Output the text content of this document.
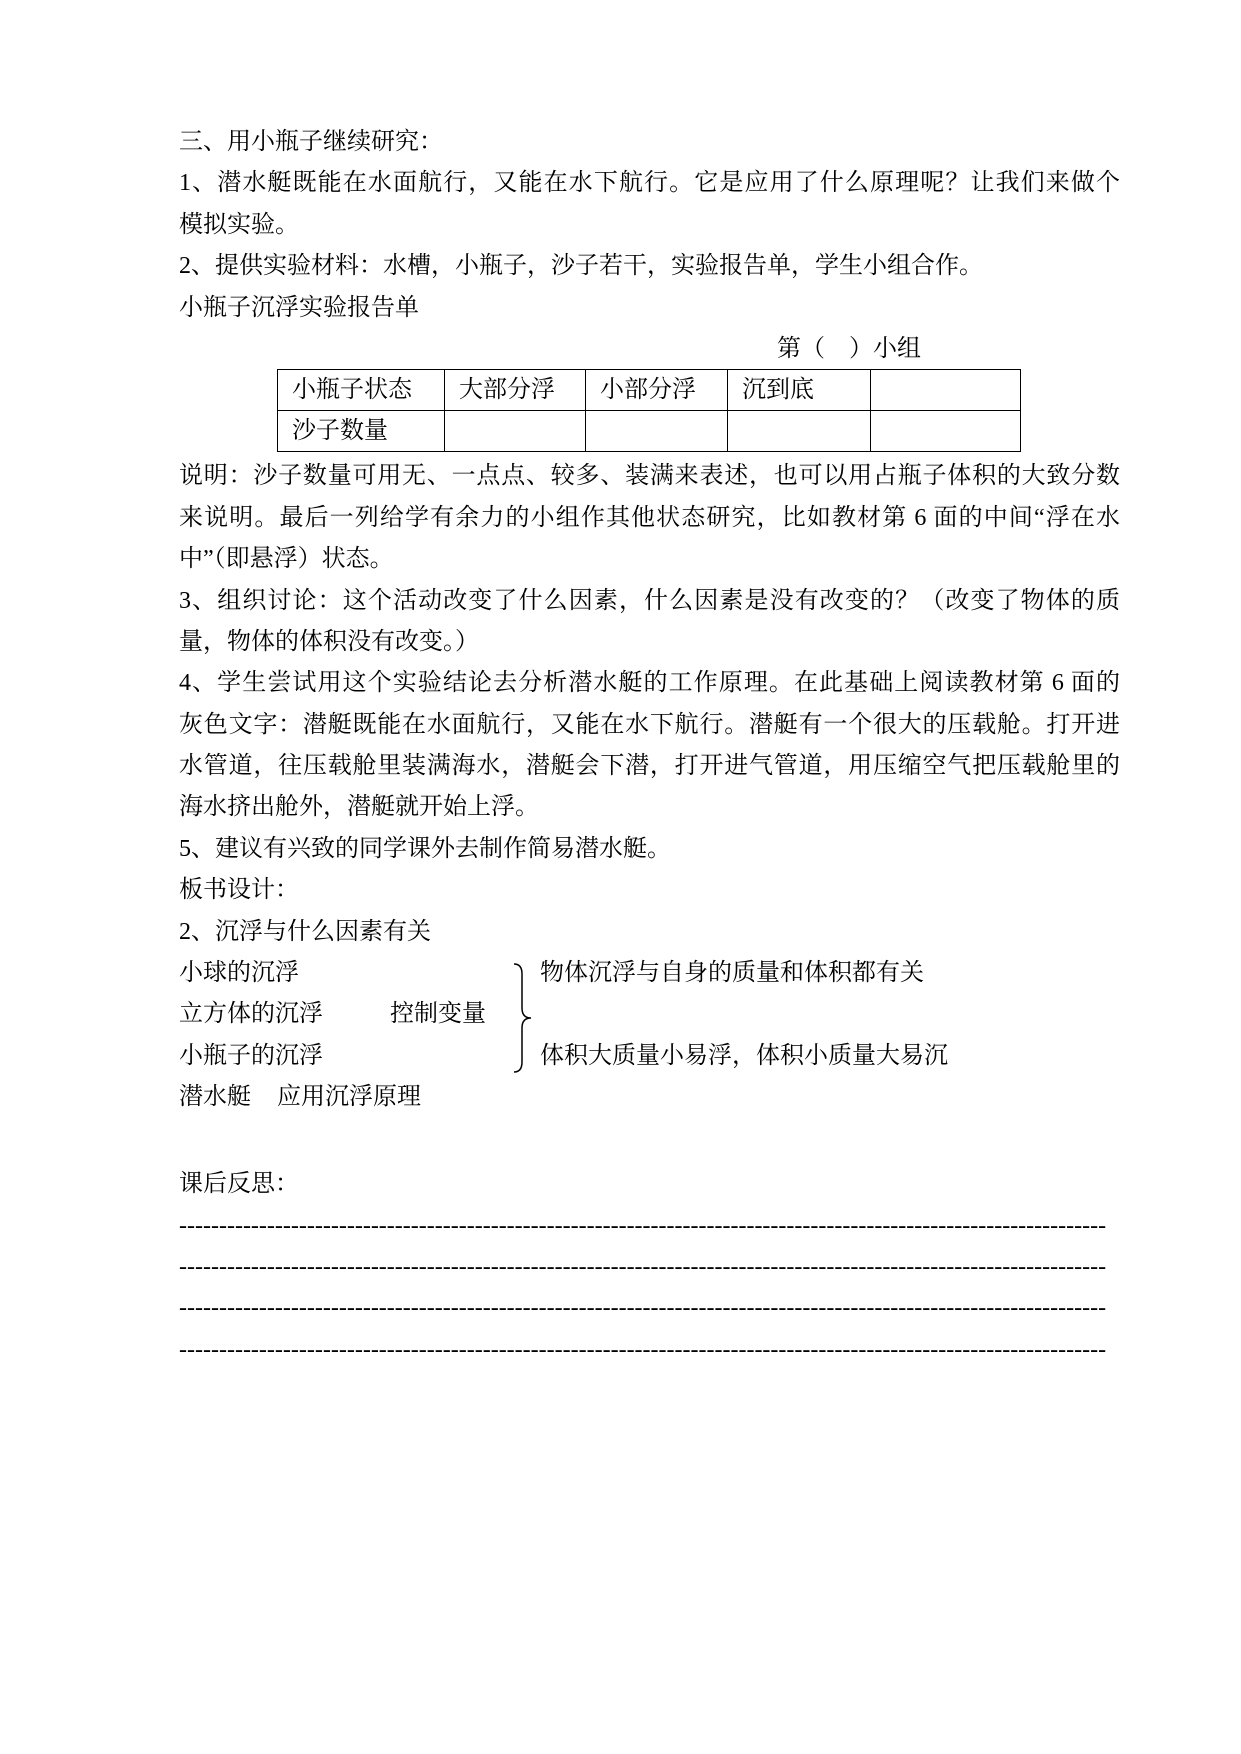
三、用小瓶子继续研究：
1、潜水艇既能在水面航行，又能在水下航行。它是应用了什么原理呢？让我们来做个
模拟实验。
2、提供实验材料：水槽，小瓶子，沙子若干，实验报告单，学生小组合作。
小瓶子沉浮实验报告单
第（    ）小组
小瓶子状态	大部分浮	小部分浮	沉到底	
沙子数量				
说明：沙子数量可用无、一点点、较多、装满来表述，也可以用占瓶子体积的大致分数
来说明。最后一列给学有余力的小组作其他状态研究，比如教材第 6 面的中间“浮在水
中”（即悬浮）状态。
3、组织讨论：这个活动改变了什么因素，什么因素是没有改变的？（改变了物体的质
量，物体的体积没有改变。）
4、学生尝试用这个实验结论去分析潜水艇的工作原理。在此基础上阅读教材第 6 面的
灰色文字：潜艇既能在水面航行，又能在水下航行。潜艇有一个很大的压载舱。打开进
水管道，往压载舱里装满海水，潜艇会下潜，打开进气管道，用压缩空气把压载舱里的
海水挤出舱外，潜艇就开始上浮。
5、建议有兴致的同学课外去制作简易潜水艇。
板书设计：
2、沉浮与什么因素有关
小球的沉浮
立方体的沉浮
小瓶子的沉浮
控制变量
物体沉浮与自身的质量和体积都有关
体积大质量小易浮，体积小质量大易沉
潜水艇 应用沉浮原理
课后反思：
--------------------------------------------------------------------------------------------------------------------
--------------------------------------------------------------------------------------------------------------------
--------------------------------------------------------------------------------------------------------------------
--------------------------------------------------------------------------------------------------------------------
